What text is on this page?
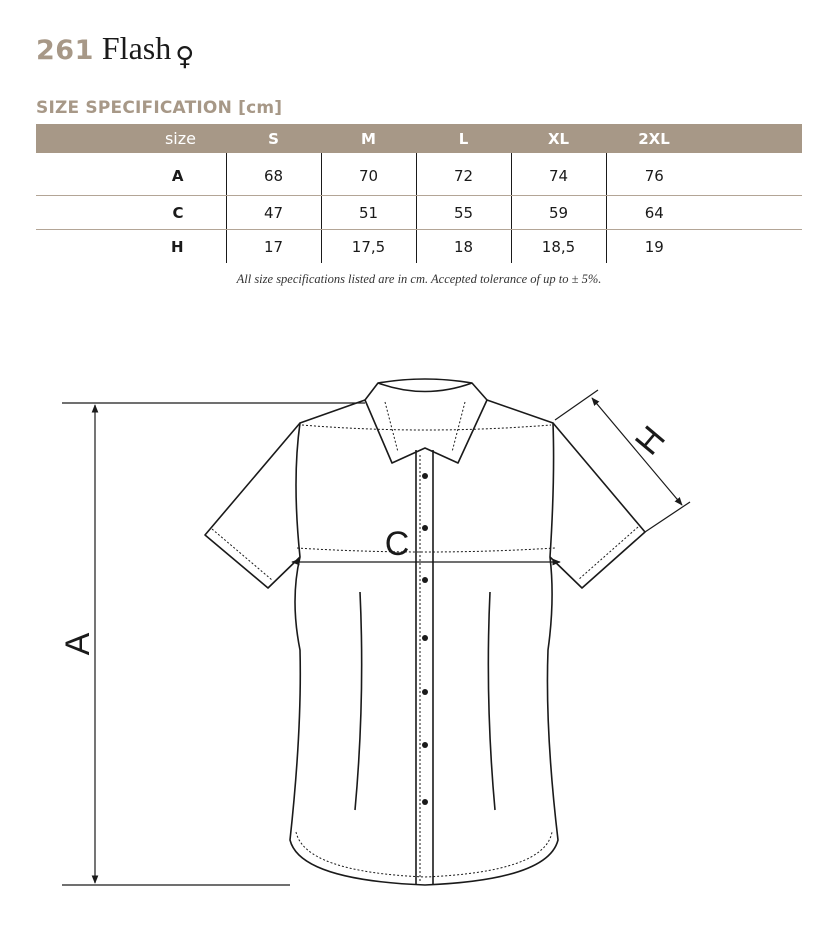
261 Flash ♀
SIZE SPECIFICATION [cm]
size	S	M	L	XL	2XL	
A	68	70	72	74	76	
C	47	51	55	59	64	
H	17	17,5	18	18,5	19	
All size specifications listed are in cm. Accepted tolerance of up to ± 5%.
A
C
H
